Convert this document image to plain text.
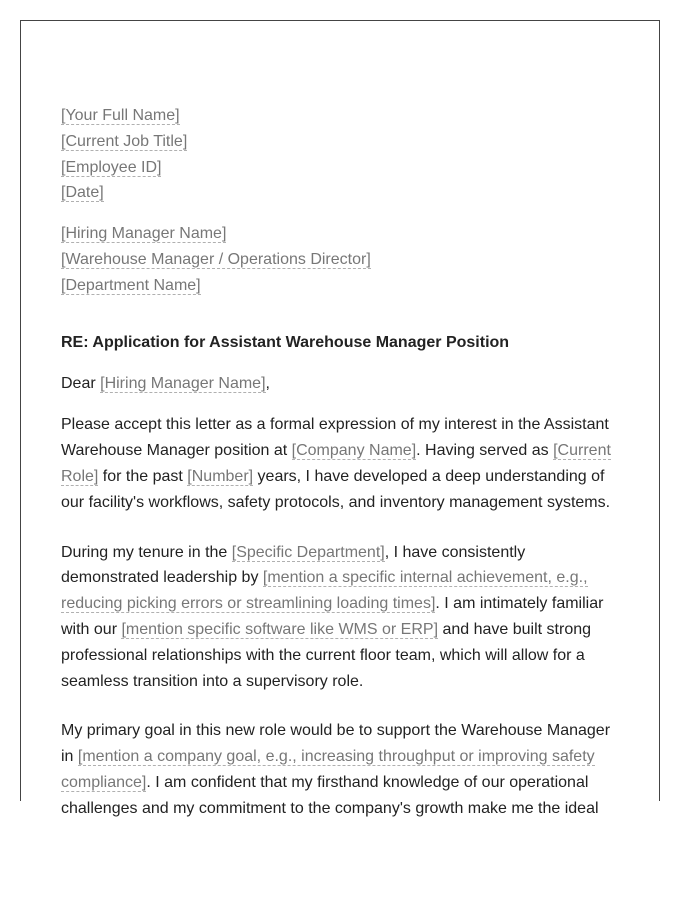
[Your Full Name]
[Current Job Title]
[Employee ID]
[Date]
[Hiring Manager Name]
[Warehouse Manager / Operations Director]
[Department Name]
RE: Application for Assistant Warehouse Manager Position
Dear [Hiring Manager Name],

Please accept this letter as a formal expression of my interest in the Assistant Warehouse Manager position at [Company Name]. Having served as [Current Role] for the past [Number] years, I have developed a deep understanding of our facility's workflows, safety protocols, and inventory management systems.

During my tenure in the [Specific Department], I have consistently demonstrated leadership by [mention a specific internal achievement, e.g., reducing picking errors or streamlining loading times]. I am intimately familiar with our [mention specific software like WMS or ERP] and have built strong professional relationships with the current floor team, which will allow for a seamless transition into a supervisory role.

My primary goal in this new role would be to support the Warehouse Manager in [mention a company goal, e.g., increasing throughput or improving safety compliance]. I am confident that my firsthand knowledge of our operational challenges and my commitment to the company's growth make me the ideal
